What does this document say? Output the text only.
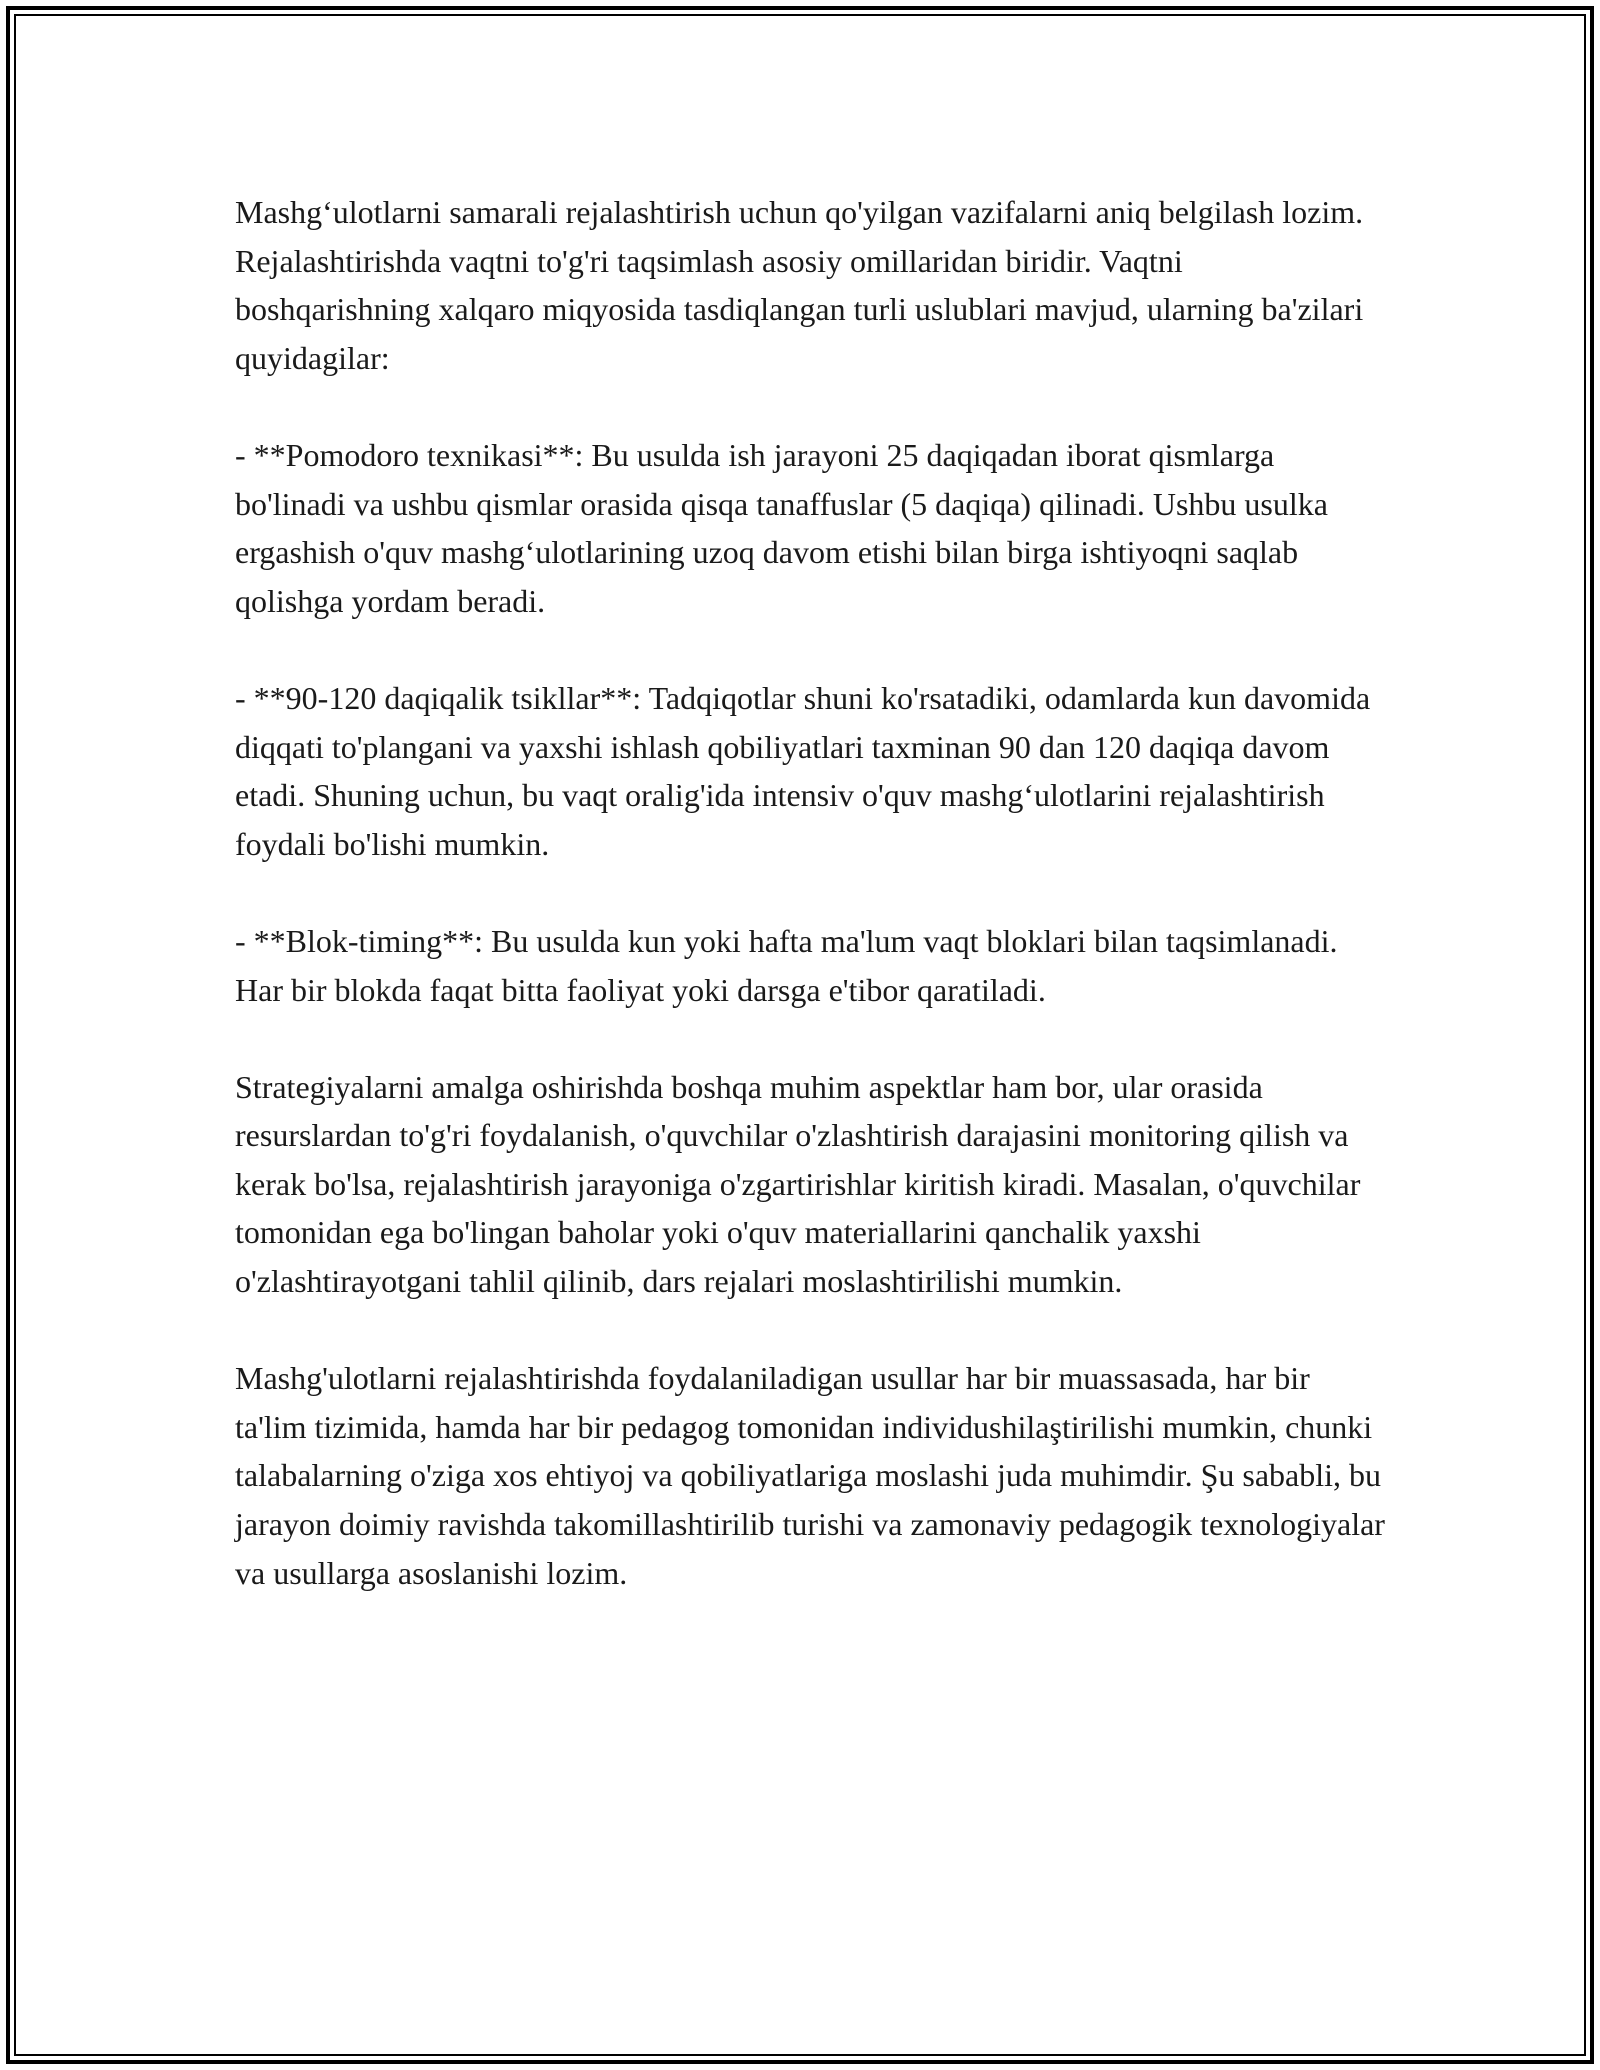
Mashg‘ulotlarni samarali rejalashtirish uchun qo'yilgan vazifalarni aniq belgilash lozim. Rejalashtirishda vaqtni to'g'ri taqsimlash asosiy omillaridan biridir. Vaqtni boshqarishning xalqaro miqyosida tasdiqlangan turli uslublari mavjud, ularning ba'zilari quyidagilar:

- **Pomodoro texnikasi**: Bu usulda ish jarayoni 25 daqiqadan iborat qismlarga bo'linadi va ushbu qismlar orasida qisqa tanaffuslar (5 daqiqa) qilinadi. Ushbu usulka ergashish o'quv mashg‘ulotlarining uzoq davom etishi bilan birga ishtiyoqni saqlab qolishga yordam beradi.

- **90-120 daqiqalik tsikllar**: Tadqiqotlar shuni ko'rsatadiki, odamlarda kun davomida diqqati to'plangani va yaxshi ishlash qobiliyatlari taxminan 90 dan 120 daqiqa davom etadi. Shuning uchun, bu vaqt oralig'ida intensiv o'quv mashg‘ulotlarini rejalashtirish foydali bo'lishi mumkin.

- **Blok-timing**: Bu usulda kun yoki hafta ma'lum vaqt bloklari bilan taqsimlanadi. Har bir blokda faqat bitta faoliyat yoki darsga e'tibor qaratiladi.

Strategiyalarni amalga oshirishda boshqa muhim aspektlar ham bor, ular orasida resurslardan to'g'ri foydalanish, o'quvchilar o'zlashtirish darajasini monitoring qilish va kerak bo'lsa, rejalashtirish jarayoniga o'zgartirishlar kiritish kiradi. Masalan, o'quvchilar tomonidan ega bo'lingan baholar yoki o'quv materiallarini qanchalik yaxshi o'zlashtirayotgani tahlil qilinib, dars rejalari moslashtirilishi mumkin.

Mashg'ulotlarni rejalashtirishda foydalaniladigan usullar har bir muassasada, har bir ta'lim tizimida, hamda har bir pedagog tomonidan individushilaştirilishi mumkin, chunki talabalarning o'ziga xos ehtiyoj va qobiliyatlariga moslashi juda muhimdir. Şu sababli, bu jarayon doimiy ravishda takomillashtirilib turishi va zamonaviy pedagogik texnologiyalar va usullarga asoslanishi lozim.
